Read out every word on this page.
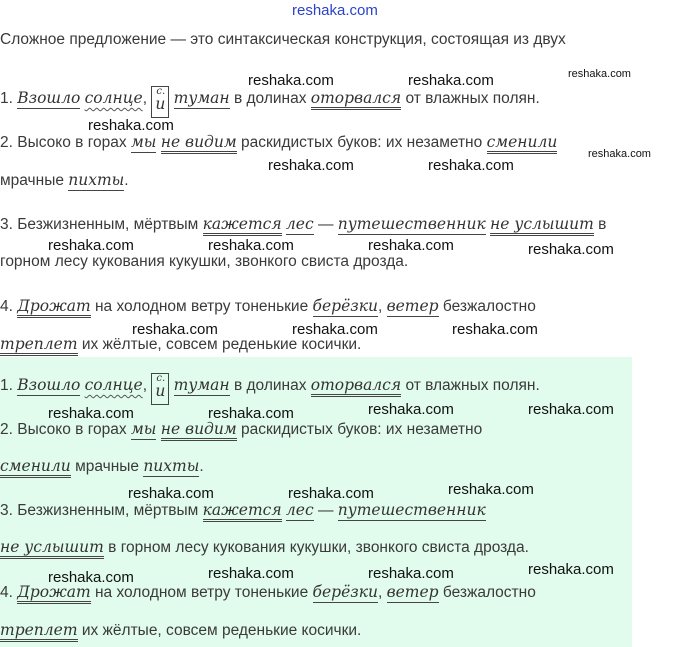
reshaka.com
Сложное предложение — это синтаксическая конструкция, состоящая из двух
1. Взошло солнце, с.
и туман в долинах оторвался от влажных полян.
2. Высоко в горах мы не видим раскидистых буков: их незаметно сменили
мрачные пихты.
3. Безжизненным, мёртвым кажется лес — путешественник не услышит в
горном лесу кукования кукушки, звонкого свиста дрозда.
4. Дрожат на холодном ветру тоненькие берёзки, ветер безжалостно
треплет их жёлтые, совсем реденькие косички.
1. Взошло солнце, с.
и туман в долинах оторвался от влажных полян.
2. Высоко в горах мы не видим раскидистых буков: их незаметно
сменили мрачные пихты.
3. Безжизненным, мёртвым кажется лес — путешественник
не услышит в горном лесу кукования кукушки, звонкого свиста дрозда.
4. Дрожат на холодном ветру тоненькие берёзки, ветер безжалостно
треплет их жёлтые, совсем реденькие косички.
reshaka.com	reshaka.com	reshaka.com
reshaka.com
reshaka.com	reshaka.com
reshaka.com
reshaka.com	reshaka.com	reshaka.com	reshaka.com
reshaka.com	reshaka.com	reshaka.com
reshaka.com	reshaka.com	reshaka.com	reshaka.com
reshaka.com	reshaka.com	reshaka.com
reshaka.com	reshaka.com	reshaka.com	reshaka.com
